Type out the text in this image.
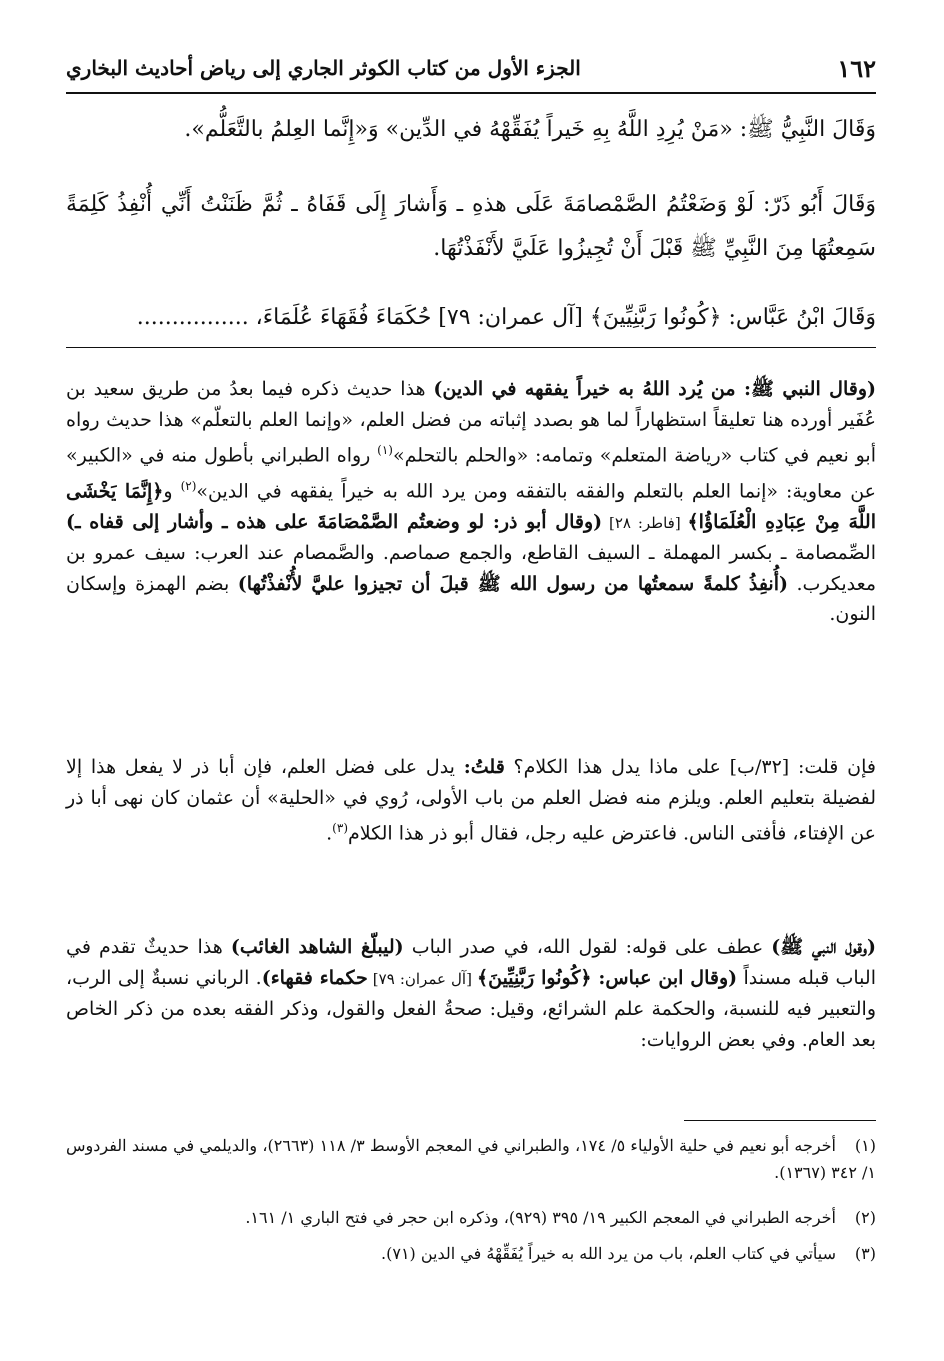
١٦٢
الجزء الأول من كتاب الكوثر الجاري إلى رياض أحاديث البخاري

وَقَالَ النَّبِيُّ ﷺ: «مَنْ يُرِدِ اللَّهُ بِهِ خَيراً يُفَقِّهْهُ في الدِّين» وَ«إِنَّما العِلمُ بالتَّعَلُّم».

وَقَالَ أَبُو ذَرّ: لَوْ وَضَعْتُمُ الصَّمْصامَةَ عَلَى هذهِ ـ وَأَشارَ إِلَى قَفَاهُ ـ ثُمَّ ظَنَنْتُ أَنِّي أُنْفِذُ كَلِمَةً سَمِعتُهَا مِنَ النَّبِيِّ ﷺ قَبْلَ أَنْ تُجِيزُوا عَلَيَّ لأَنْفَذْتُهَا.

وَقَالَ ابْنُ عَبَّاس: ﴿كُونُوا رَبَّنِيِّينَ﴾ [آل عمران: ٧٩] حُكَمَاءَ فُقَهَاءَ عُلَمَاءَ، ................

(وقال النبي ﷺ: من يُرد اللهُ به خيراً يفقهه في الدين) هذا حديث ذكره فيما بعدُ من طريق سعيد بن عُفَير أورده هنا تعليقاً استظهاراً لما هو بصدد إثباته من فضل العلم، «وإنما العلم بالتعلّم» هذا حديث رواه أبو نعيم في كتاب «رياضة المتعلم» وتمامه: «والحلم بالتحلم»$^{(١)}$ رواه الطبراني بأطول منه في «الكبير» عن معاوية: «إنما العلم بالتعلم والفقه بالتفقه ومن يرد الله به خيراً يفقهه في الدين»$^{(٢)}$ و﴿إِنَّمَا يَخْشَى اللَّهَ مِنْ عِبَادِهِ الْعُلَمَاؤُا﴾ [فاطر: ٢٨] (وقال أبو ذر: لو وضعتُم الصَّمْصَامَةَ على هذه ـ وأشار إلى قفاه ـ) الصِّمصامة ـ بكسر المهملة ـ السيف القاطع، والجمع صماصم. والصَّمصام عند العرب: سيف عمرو بن معديكرب. (أُنفِذُ كلمةً سمعتُها من رسول الله ﷺ قبلَ أن تجيزوا عليَّ لأُنْفذْتُها) بضم الهمزة وإسكان النون.

فإن قلت: [٣٢/ب] على ماذا يدل هذا الكلام؟ قلتُ: يدل على فضل العلم، فإن أبا ذر لا يفعل هذا إلا لفضيلة بتعليم العلم. ويلزم منه فضل العلم من باب الأولى، رُوي في «الحلية» أن عثمان كان نهى أبا ذر عن الإفتاء، فأفتى الناس. فاعترض عليه رجل، فقال أبو ذر هذا الكلام$^{(٣)}$.

(وقول النبي ﷺ) عطف على قوله: لقول الله، في صدر الباب (ليبلّغ الشاهد الغائب) هذا حديثٌ تقدم في الباب قبله مسنداً (وقال ابن عباس: ﴿كُونُوا رَبَّنِيِّينَ﴾ [آل عمران: ٧٩] حكماء فقهاء). الرباني نسبةٌ إلى الرب، والتعبير فيه للنسبة، والحكمة علم الشرائع، وقيل: صحةُ الفعل والقول، وذكر الفقه بعده من ذكر الخاص بعد العام. وفي بعض الروايات:

(١)أخرجه أبو نعيم في حلية الأولياء ٥/ ١٧٤، والطبراني في المعجم الأوسط ٣/ ١١٨ (٢٦٦٣)، والديلمي في مسند الفردوس ١/ ٣٤٢ (١٣٦٧).

(٢)أخرجه الطبراني في المعجم الكبير ١٩/ ٣٩٥ (٩٢٩)، وذكره ابن حجر في فتح الباري ١/ ١٦١.

(٣)سيأتي في كتاب العلم، باب من يرد الله به خيراً يُفَقِّهْهُ في الدين (٧١).
